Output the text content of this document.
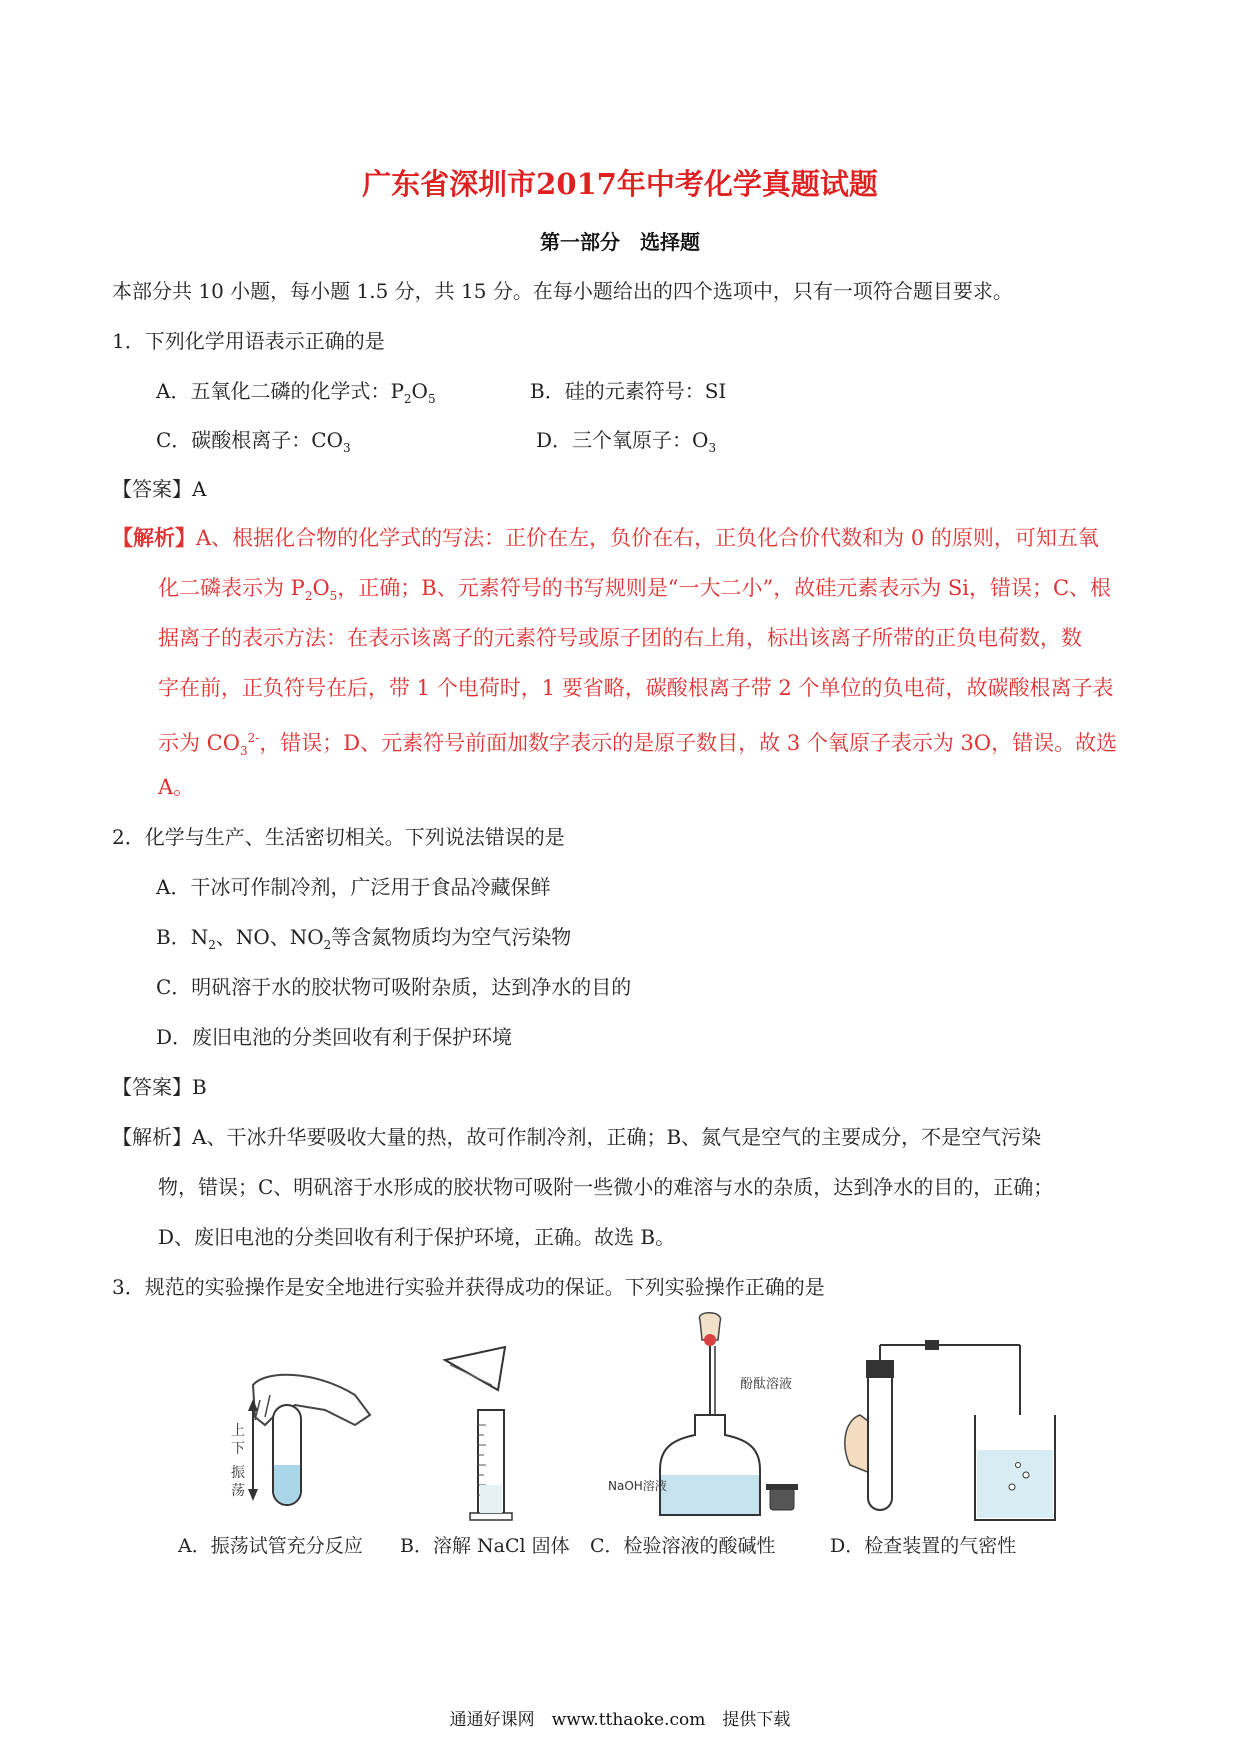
广东省深圳市2017年中考化学真题试题
第一部分　选择题
本部分共 10 小题，每小题 1.5 分，共 15 分。在每小题给出的四个选项中，只有一项符合题目要求。
1．下列化学用语表示正确的是
A．五氧化二磷的化学式：$P_2O_5$	B．硅的元素符号：SI
C．碳酸根离子：$CO_3$	D．三个氧原子：$O_3$
【答案】A
【解析】A、根据化合物的化学式的写法：正价在左，负价在右，正负化合价代数和为 0 的原则，可知五氧
化二磷表示为 $P_2O_5$，正确；B、元素符号的书写规则是“一大二小”，故硅元素表示为 Si，错误；C、根
据离子的表示方法：在表示该离子的元素符号或原子团的右上角，标出该离子所带的正负电荷数，数
字在前，正负符号在后，带 1 个电荷时，1 要省略，碳酸根离子带 2 个单位的负电荷，故碳酸根离子表
示为 $CO_3^{2-}$，错误；D、元素符号前面加数字表示的是原子数目，故 3 个氧原子表示为 3O，错误。故选
A。
2．化学与生产、生活密切相关。下列说法错误的是
A．干冰可作制冷剂，广泛用于食品冷藏保鲜
B．$N_2$、NO、$NO_2$等含氮物质均为空气污染物
C．明矾溶于水的胶状物可吸附杂质，达到净水的目的
D．废旧电池的分类回收有利于保护环境
【答案】B
【解析】A、干冰升华要吸收大量的热，故可作制冷剂，正确；B、氮气是空气的主要成分，不是空气污染
物，错误；C、明矾溶于水形成的胶状物可吸附一些微小的难溶与水的杂质，达到净水的目的，正确；
D、废旧电池的分类回收有利于保护环境，正确。故选 B。
3．规范的实验操作是安全地进行实验并获得成功的保证。下列实验操作正确的是
上
下
振
荡
酚酞溶液
NaOH溶液
A．振荡试管充分反应 B．溶解 NaCl 固体 C．检验溶液的酸碱性	D．检查装置的气密性
通通好课网　www.tthaoke.com　提供下载
